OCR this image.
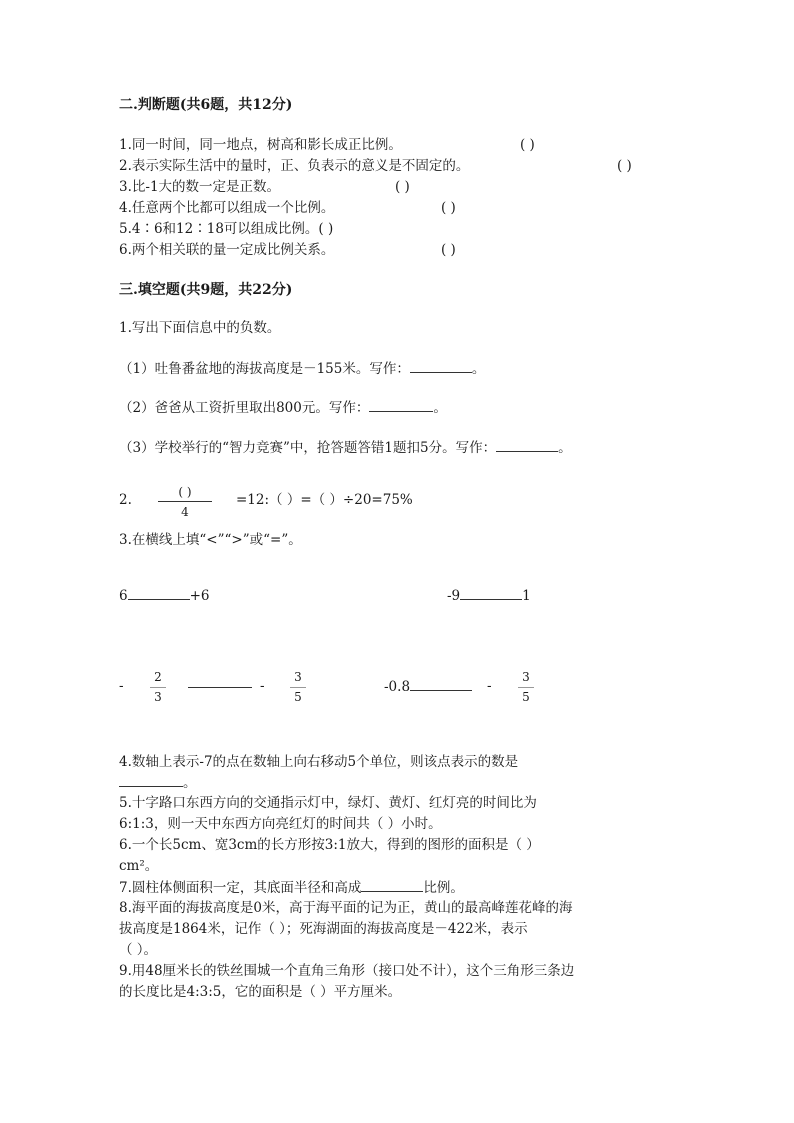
二.判断题(共6题，共12分)
1.同一时间，同一地点，树高和影长成正比例。	( )
2.表示实际生活中的量时，正、负表示的意义是不固定的。	( )
3.比-1大的数一定是正数。	( )
4.任意两个比都可以组成一个比例。	( )
5.4∶6和12∶18可以组成比例。( )
6.两个相关联的量一定成比例关系。	( )
三.填空题(共9题，共22分)
1.写出下面信息中的负数。
（1）吐鲁番盆地的海拔高度是－155米。写作：	。
（2）爸爸从工资折里取出800元。写作：	。
（3）学校举行的“智力竞赛”中，抢答题答错1题扣5分。写作：	。
2.	( )
4
=12:（ ）=（ ）÷20=75%
3.在横线上填“<”“>”或“=”。
6	+6	-9	1
- $\frac{2}{3}$	- $\frac{3}{5}$	-0.8	- $\frac{3}{5}$
4.数轴上表示-7的点在数轴上向右移动5个单位，则该点表示的数是
。
5.十字路口东西方向的交通指示灯中，绿灯、黄灯、红灯亮的时间比为
6:1:3，则一天中东西方向亮红灯的时间共（ ）小时。
6.一个长5cm、宽3cm的长方形按3:1放大，得到的图形的面积是（ ）
cm²。
7.圆柱体侧面积一定，其底面半径和高成	比例。
8.海平面的海拔高度是0米，高于海平面的记为正，黄山的最高峰莲花峰的海
拔高度是1864米，记作（ ）；死海湖面的海拔高度是－422米，表示
（ ）。
9.用48厘米长的铁丝围城一个直角三角形（接口处不计），这个三角形三条边
的长度比是4:3:5，它的面积是（ ）平方厘米。
